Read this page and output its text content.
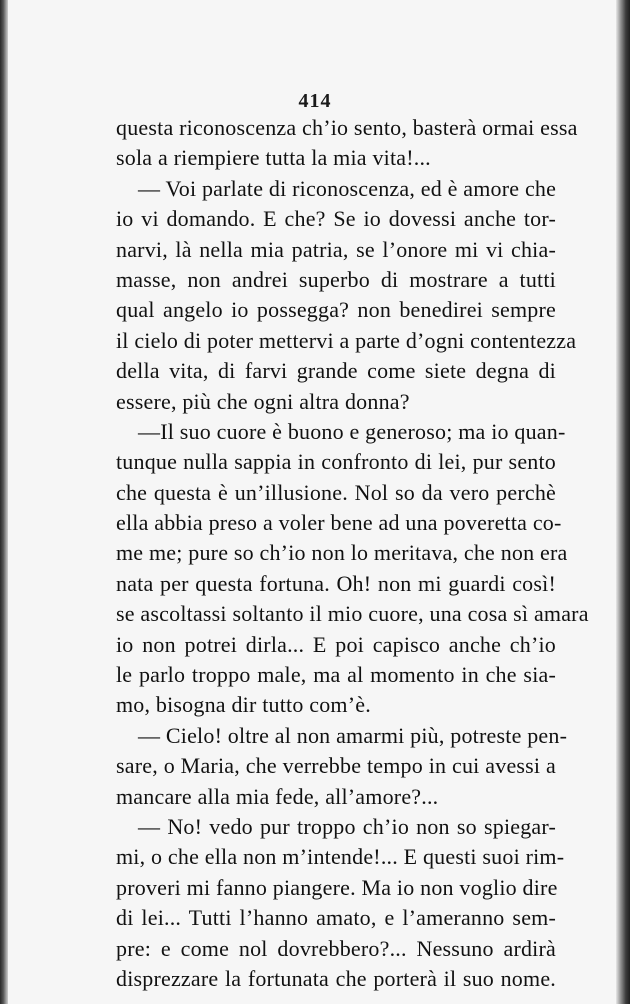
414
questa riconoscenza ch’io sento, basterà ormai essa
sola a riempiere tutta la mia vita!...
— Voi parlate di riconoscenza, ed è amore che
io vi domando. E che? Se io dovessi anche tor-
narvi, là nella mia patria, se l’onore mi vi chia-
masse, non andrei superbo di mostrare a tutti
qual angelo io possegga? non benedirei sempre
il cielo di poter mettervi a parte d’ogni contentezza
della vita, di farvi grande come siete degna di
essere, più che ogni altra donna?
—Il suo cuore è buono e generoso; ma io quan-
tunque nulla sappia in confronto di lei, pur sento
che questa è un’illusione. Nol so da vero perchè
ella abbia preso a voler bene ad una poveretta co-
me me; pure so ch’io non lo meritava, che non era
nata per questa fortuna. Oh! non mi guardi così!
se ascoltassi soltanto il mio cuore, una cosa sì amara
io non potrei dirla... E poi capisco anche ch’io
le parlo troppo male, ma al momento in che sia-
mo, bisogna dir tutto com’è.
— Cielo! oltre al non amarmi più, potreste pen-
sare, o Maria, che verrebbe tempo in cui avessi a
mancare alla mia fede, all’amore?...
— No! vedo pur troppo ch’io non so spiegar-
mi, o che ella non m’intende!... E questi suoi rim-
proveri mi fanno piangere. Ma io non voglio dire
di lei... Tutti l’hanno amato, e l’ameranno sem-
pre: e come nol dovrebbero?... Nessuno ardirà
disprezzare la fortunata che porterà il suo nome.
